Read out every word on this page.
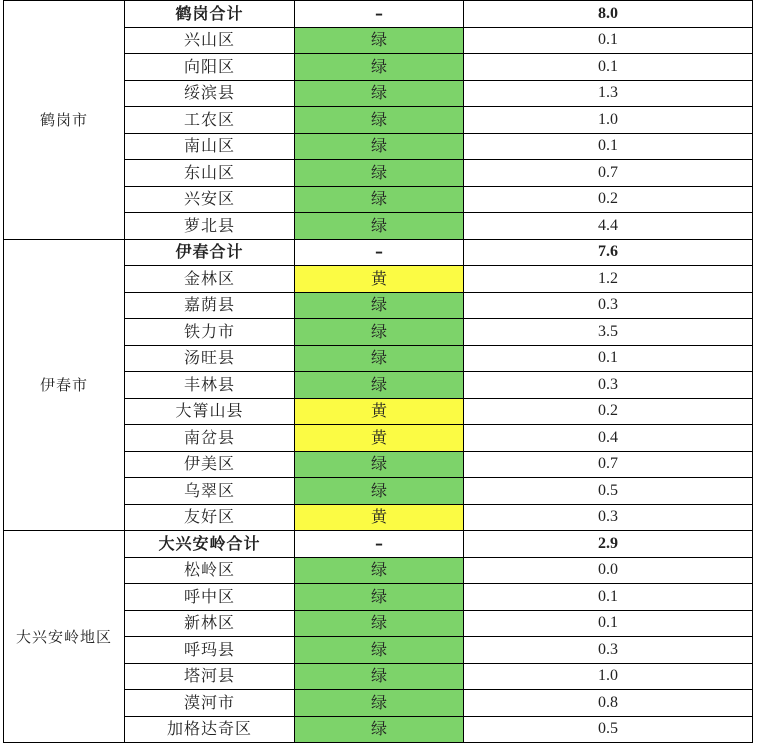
鹤岗市	鹤岗合计	–	8.0
	兴山区	绿	0.1
	向阳区	绿	0.1
	绥滨县	绿	1.3
	工农区	绿	1.0
	南山区	绿	0.1
	东山区	绿	0.7
	兴安区	绿	0.2
	萝北县	绿	4.4
伊春市	伊春合计	–	7.6
	金林区	黄	1.2
	嘉荫县	绿	0.3
	铁力市	绿	3.5
	汤旺县	绿	0.1
	丰林县	绿	0.3
	大箐山县	黄	0.2
	南岔县	黄	0.4
	伊美区	绿	0.7
	乌翠区	绿	0.5
	友好区	黄	0.3
大兴安岭地区	大兴安岭合计	–	2.9
	松岭区	绿	0.0
	呼中区	绿	0.1
	新林区	绿	0.1
	呼玛县	绿	0.3
	塔河县	绿	1.0
	漠河市	绿	0.8
	加格达奇区	绿	0.5
